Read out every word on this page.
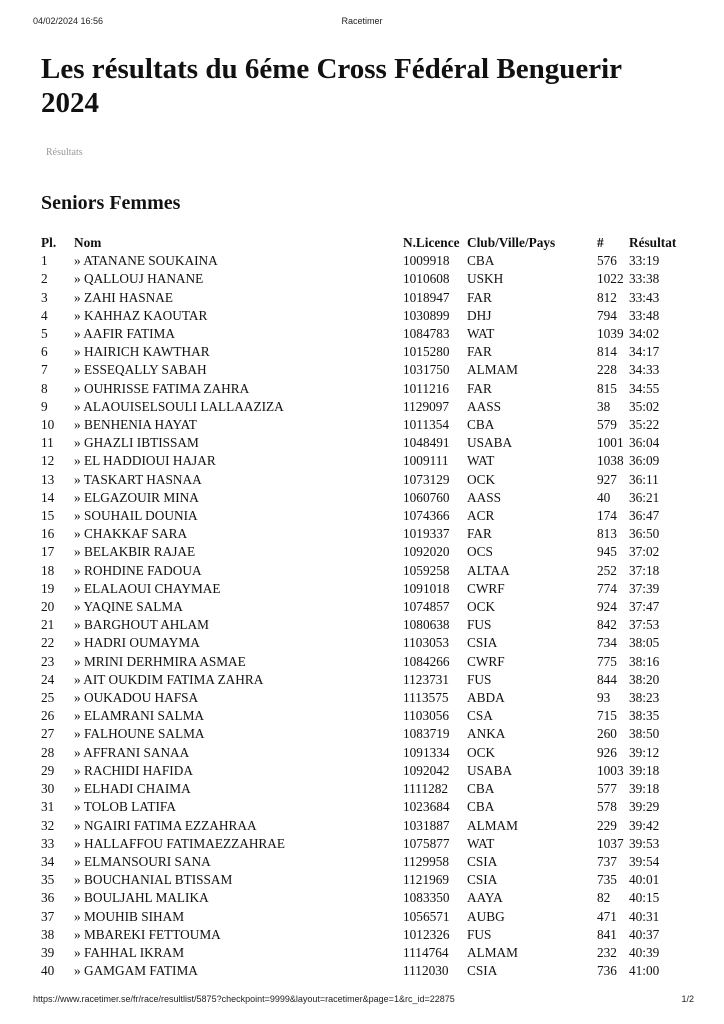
04/02/2024 16:56	Racetimer
Les résultats du 6éme Cross Fédéral Benguerir 2024
Résultats
Seniors Femmes
Pl.	Nom	N.Licence	Club/Ville/Pays	#	Résultat
1	» ATANANE SOUKAINA	1009918	CBA	576	33:19
2	» QALLOUJ HANANE	1010608	USKH	1022	33:38
3	» ZAHI HASNAE	1018947	FAR	812	33:43
4	» KAHHAZ KAOUTAR	1030899	DHJ	794	33:48
5	» AAFIR FATIMA	1084783	WAT	1039	34:02
6	» HAIRICH KAWTHAR	1015280	FAR	814	34:17
7	» ESSEQALLY SABAH	1031750	ALMAM	228	34:33
8	» OUHRISSE FATIMA ZAHRA	1011216	FAR	815	34:55
9	» ALAOUISELSOULI LALLAAZIZA	1129097	AASS	38	35:02
10	» BENHENIA HAYAT	1011354	CBA	579	35:22
11	» GHAZLI IBTISSAM	1048491	USABA	1001	36:04
12	» EL HADDIOUI HAJAR	1009111	WAT	1038	36:09
13	» TASKART HASNAA	1073129	OCK	927	36:11
14	» ELGAZOUIR MINA	1060760	AASS	40	36:21
15	» SOUHAIL DOUNIA	1074366	ACR	174	36:47
16	» CHAKKAF SARA	1019337	FAR	813	36:50
17	» BELAKBIR RAJAE	1092020	OCS	945	37:02
18	» ROHDINE FADOUA	1059258	ALTAA	252	37:18
19	» ELALAOUI CHAYMAE	1091018	CWRF	774	37:39
20	» YAQINE SALMA	1074857	OCK	924	37:47
21	» BARGHOUT AHLAM	1080638	FUS	842	37:53
22	» HADRI OUMAYMA	1103053	CSIA	734	38:05
23	» MRINI DERHMIRA ASMAE	1084266	CWRF	775	38:16
24	» AIT OUKDIM FATIMA ZAHRA	1123731	FUS	844	38:20
25	» OUKADOU HAFSA	1113575	ABDA	93	38:23
26	» ELAMRANI SALMA	1103056	CSA	715	38:35
27	» FALHOUNE SALMA	1083719	ANKA	260	38:50
28	» AFFRANI SANAA	1091334	OCK	926	39:12
29	» RACHIDI HAFIDA	1092042	USABA	1003	39:18
30	» ELHADI CHAIMA	1111282	CBA	577	39:18
31	» TOLOB LATIFA	1023684	CBA	578	39:29
32	» NGAIRI FATIMA EZZAHRAA	1031887	ALMAM	229	39:42
33	» HALLAFFOU FATIMAEZZAHRAE	1075877	WAT	1037	39:53
34	» ELMANSOURI SANA	1129958	CSIA	737	39:54
35	» BOUCHANIAL BTISSAM	1121969	CSIA	735	40:01
36	» BOULJAHL MALIKA	1083350	AAYA	82	40:15
37	» MOUHIB SIHAM	1056571	AUBG	471	40:31
38	» MBAREKI FETTOUMA	1012326	FUS	841	40:37
39	» FAHHAL IKRAM	1114764	ALMAM	232	40:39
40	» GAMGAM FATIMA	1112030	CSIA	736	41:00
https://www.racetimer.se/fr/race/resultlist/5875?checkpoint=9999&layout=racetimer&page=1&rc_id=22875	1/2
